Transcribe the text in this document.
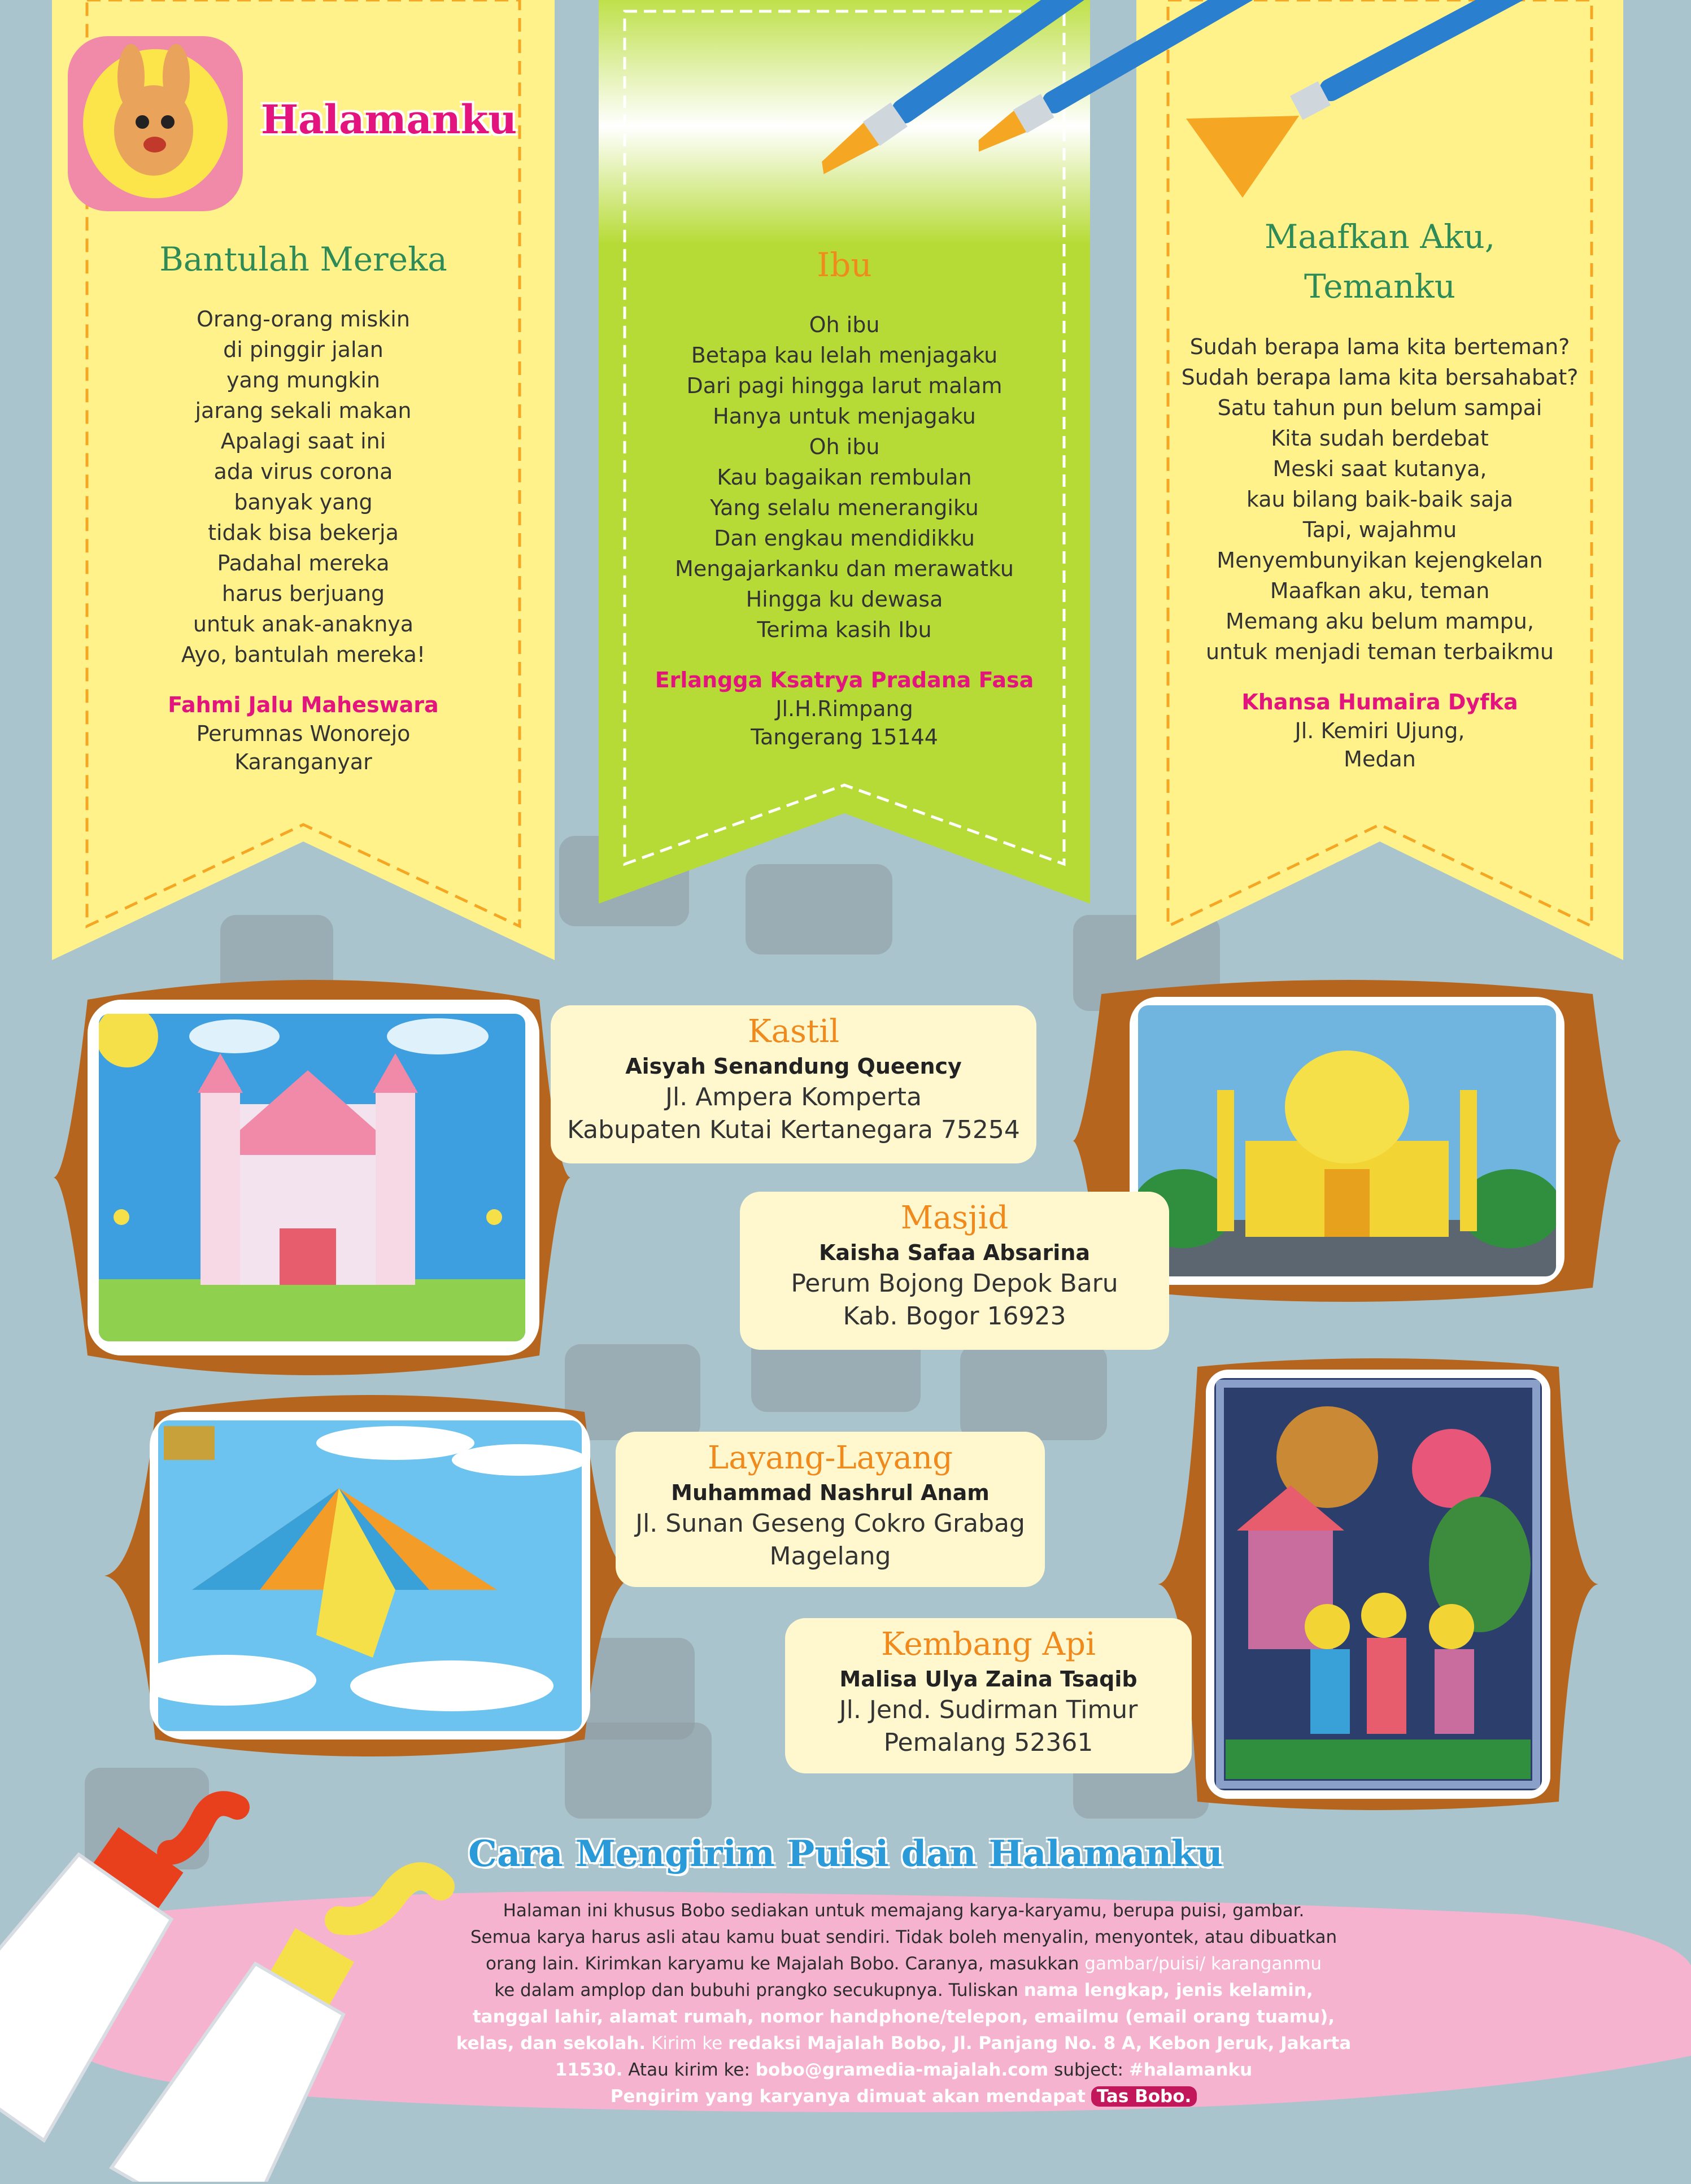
Halamanku
Bantulah Mereka
Orang-orang miskin
di pinggir jalan
yang mungkin
jarang sekali makan
Apalagi saat ini
ada virus corona
banyak yang
tidak bisa bekerja
Padahal mereka
harus berjuang
untuk anak-anaknya
Ayo, bantulah mereka!
Fahmi Jalu Maheswara
Perumnas Wonorejo
Karanganyar
Ibu
Oh ibu
Betapa kau lelah menjagaku
Dari pagi hingga larut malam
Hanya untuk menjagaku
Oh ibu
Kau bagaikan rembulan
Yang selalu menerangiku
Dan engkau mendidikku
Mengajarkanku dan merawatku
Hingga ku dewasa
Terima kasih Ibu
Erlangga Ksatrya Pradana Fasa
Jl.H.Rimpang
Tangerang 15144
Maafkan Aku,
Temanku
Sudah berapa lama kita berteman?
Sudah berapa lama kita bersahabat?
Satu tahun pun belum sampai
Kita sudah berdebat
Meski saat kutanya,
kau bilang baik-baik saja
Tapi, wajahmu
Menyembunyikan kejengkelan
Maafkan aku, teman
Memang aku belum mampu,
untuk menjadi teman terbaikmu
Khansa Humaira Dyfka
Jl. Kemiri Ujung,
Medan
Kastil
Aisyah Senandung Queency
Jl. Ampera Komperta
Kabupaten Kutai Kertanegara 75254
Masjid
Kaisha Safaa Absarina
Perum Bojong Depok Baru
Kab. Bogor 16923
Layang-Layang
Muhammad Nashrul Anam
Jl. Sunan Geseng Cokro Grabag
Magelang
Kembang Api
Malisa Ulya Zaina Tsaqib
Jl. Jend. Sudirman Timur
Pemalang 52361
Cara Mengirim Puisi dan Halamanku
Halaman ini khusus Bobo sediakan untuk memajang karya-karyamu, berupa puisi, gambar.
Semua karya harus asli atau kamu buat sendiri. Tidak boleh menyalin, menyontek, atau dibuatkan
orang lain. Kirimkan karyamu ke Majalah Bobo. Caranya, masukkan gambar/puisi/ karanganmu
ke dalam amplop dan bubuhi prangko secukupnya. Tuliskan nama lengkap, jenis kelamin,
tanggal lahir, alamat rumah, nomor handphone/telepon, emailmu (email orang tuamu),
kelas, dan sekolah. Kirim ke redaksi Majalah Bobo, Jl. Panjang No. 8 A, Kebon Jeruk, Jakarta
11530. Atau kirim ke: bobo@gramedia-majalah.com subject: #halamanku
Pengirim yang karyanya dimuat akan mendapat Tas Bobo.
